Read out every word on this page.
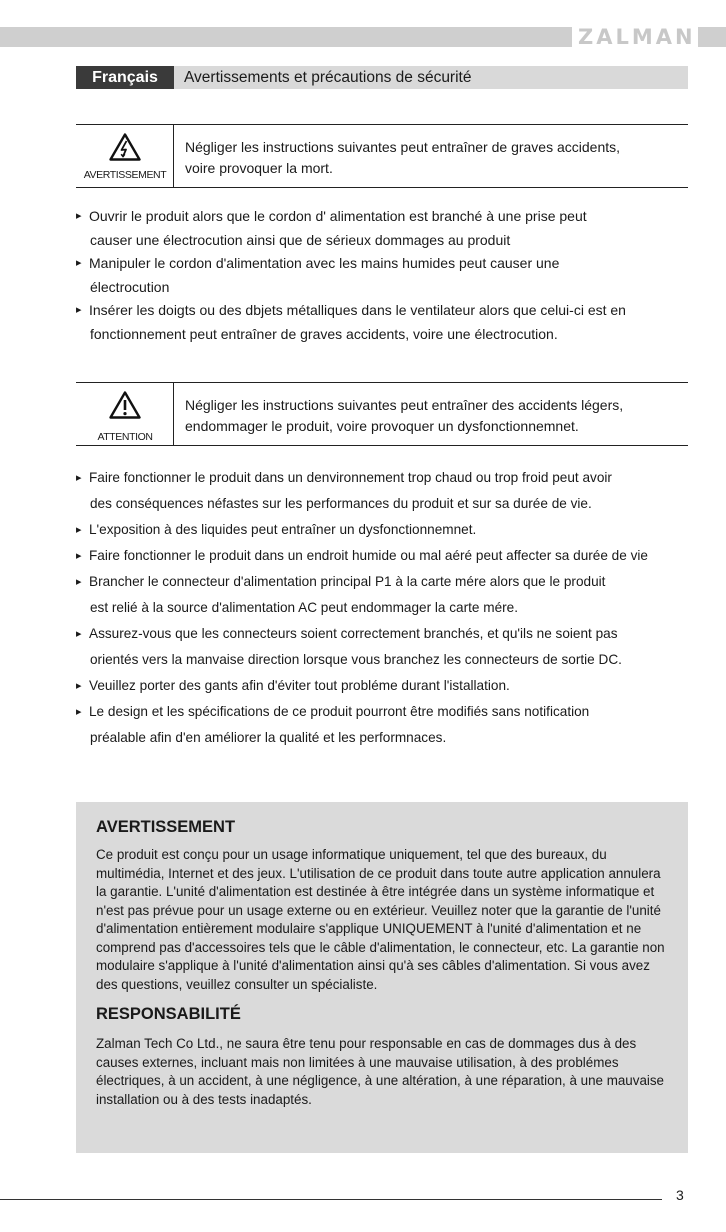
ZALMAN
Français	Avertissements et précautions de sécurité
AVERTISSEMENT
Négliger les instructions suivantes peut entraîner de graves accidents,
voire provoquer la mort.
▸ Ouvrir le produit alors que le cordon d' alimentation est branché à une prise peut
causer une électrocution ainsi que de sérieux dommages au produit
▸ Manipuler le cordon d'alimentation avec les mains humides peut causer une
électrocution
▸ Insérer les doigts ou des dbjets métalliques dans le ventilateur alors que celui-ci est en
fonctionnement peut entraîner de graves accidents, voire une électrocution.
ATTENTION
Négliger les instructions suivantes peut entraîner des accidents légers,
endommager le produit, voire provoquer un dysfonctionnemnet.
▸ Faire fonctionner le produit dans un denvironnement trop chaud ou trop froid peut avoir
des conséquences néfastes sur les performances du produit et sur sa durée de vie.
▸ L'exposition à des liquides peut entraîner un dysfonctionnemnet.
▸ Faire fonctionner le produit dans un endroit humide ou mal aéré peut affecter sa durée de vie
▸ Brancher le connecteur d'alimentation principal P1 à la carte mére alors que le produit
est relié à la source d'alimentation AC peut endommager la carte mére.
▸ Assurez-vous que les connecteurs soient correctement branchés, et qu'ils ne soient pas
orientés vers la manvaise direction lorsque vous branchez les connecteurs de sortie DC.
▸ Veuillez porter des gants afin d'éviter tout probléme durant l'istallation.
▸ Le design et les spécifications de ce produit pourront être modifiés sans notification
préalable afin d'en améliorer la qualité et les performnaces.
AVERTISSEMENT

Ce produit est conçu pour un usage informatique uniquement, tel que des bureaux, du multimédia, Internet et des jeux. L'utilisation de ce produit dans toute autre application annulera la garantie. L'unité d'alimentation est destinée à être intégrée dans un système informatique et n'est pas prévue pour un usage externe ou en extérieur. Veuillez noter que la garantie de l'unité d'alimentation entièrement modulaire s'applique UNIQUEMENT à l'unité d'alimentation et ne comprend pas d'accessoires tels que le câble d'alimentation, le connecteur, etc. La garantie non modulaire s'applique à l'unité d'alimentation ainsi qu'à ses câbles d'alimentation. Si vous avez des questions, veuillez consulter un spécialiste.

RESPONSABILITÉ

Zalman Tech Co Ltd., ne saura être tenu pour responsable en cas de dommages dus à des causes externes, incluant mais non limitées à une mauvaise utilisation, à des problémes électriques, à un accident, à une négligence, à une altération, à une réparation, à une mauvaise installation ou à des tests inadaptés.

3
